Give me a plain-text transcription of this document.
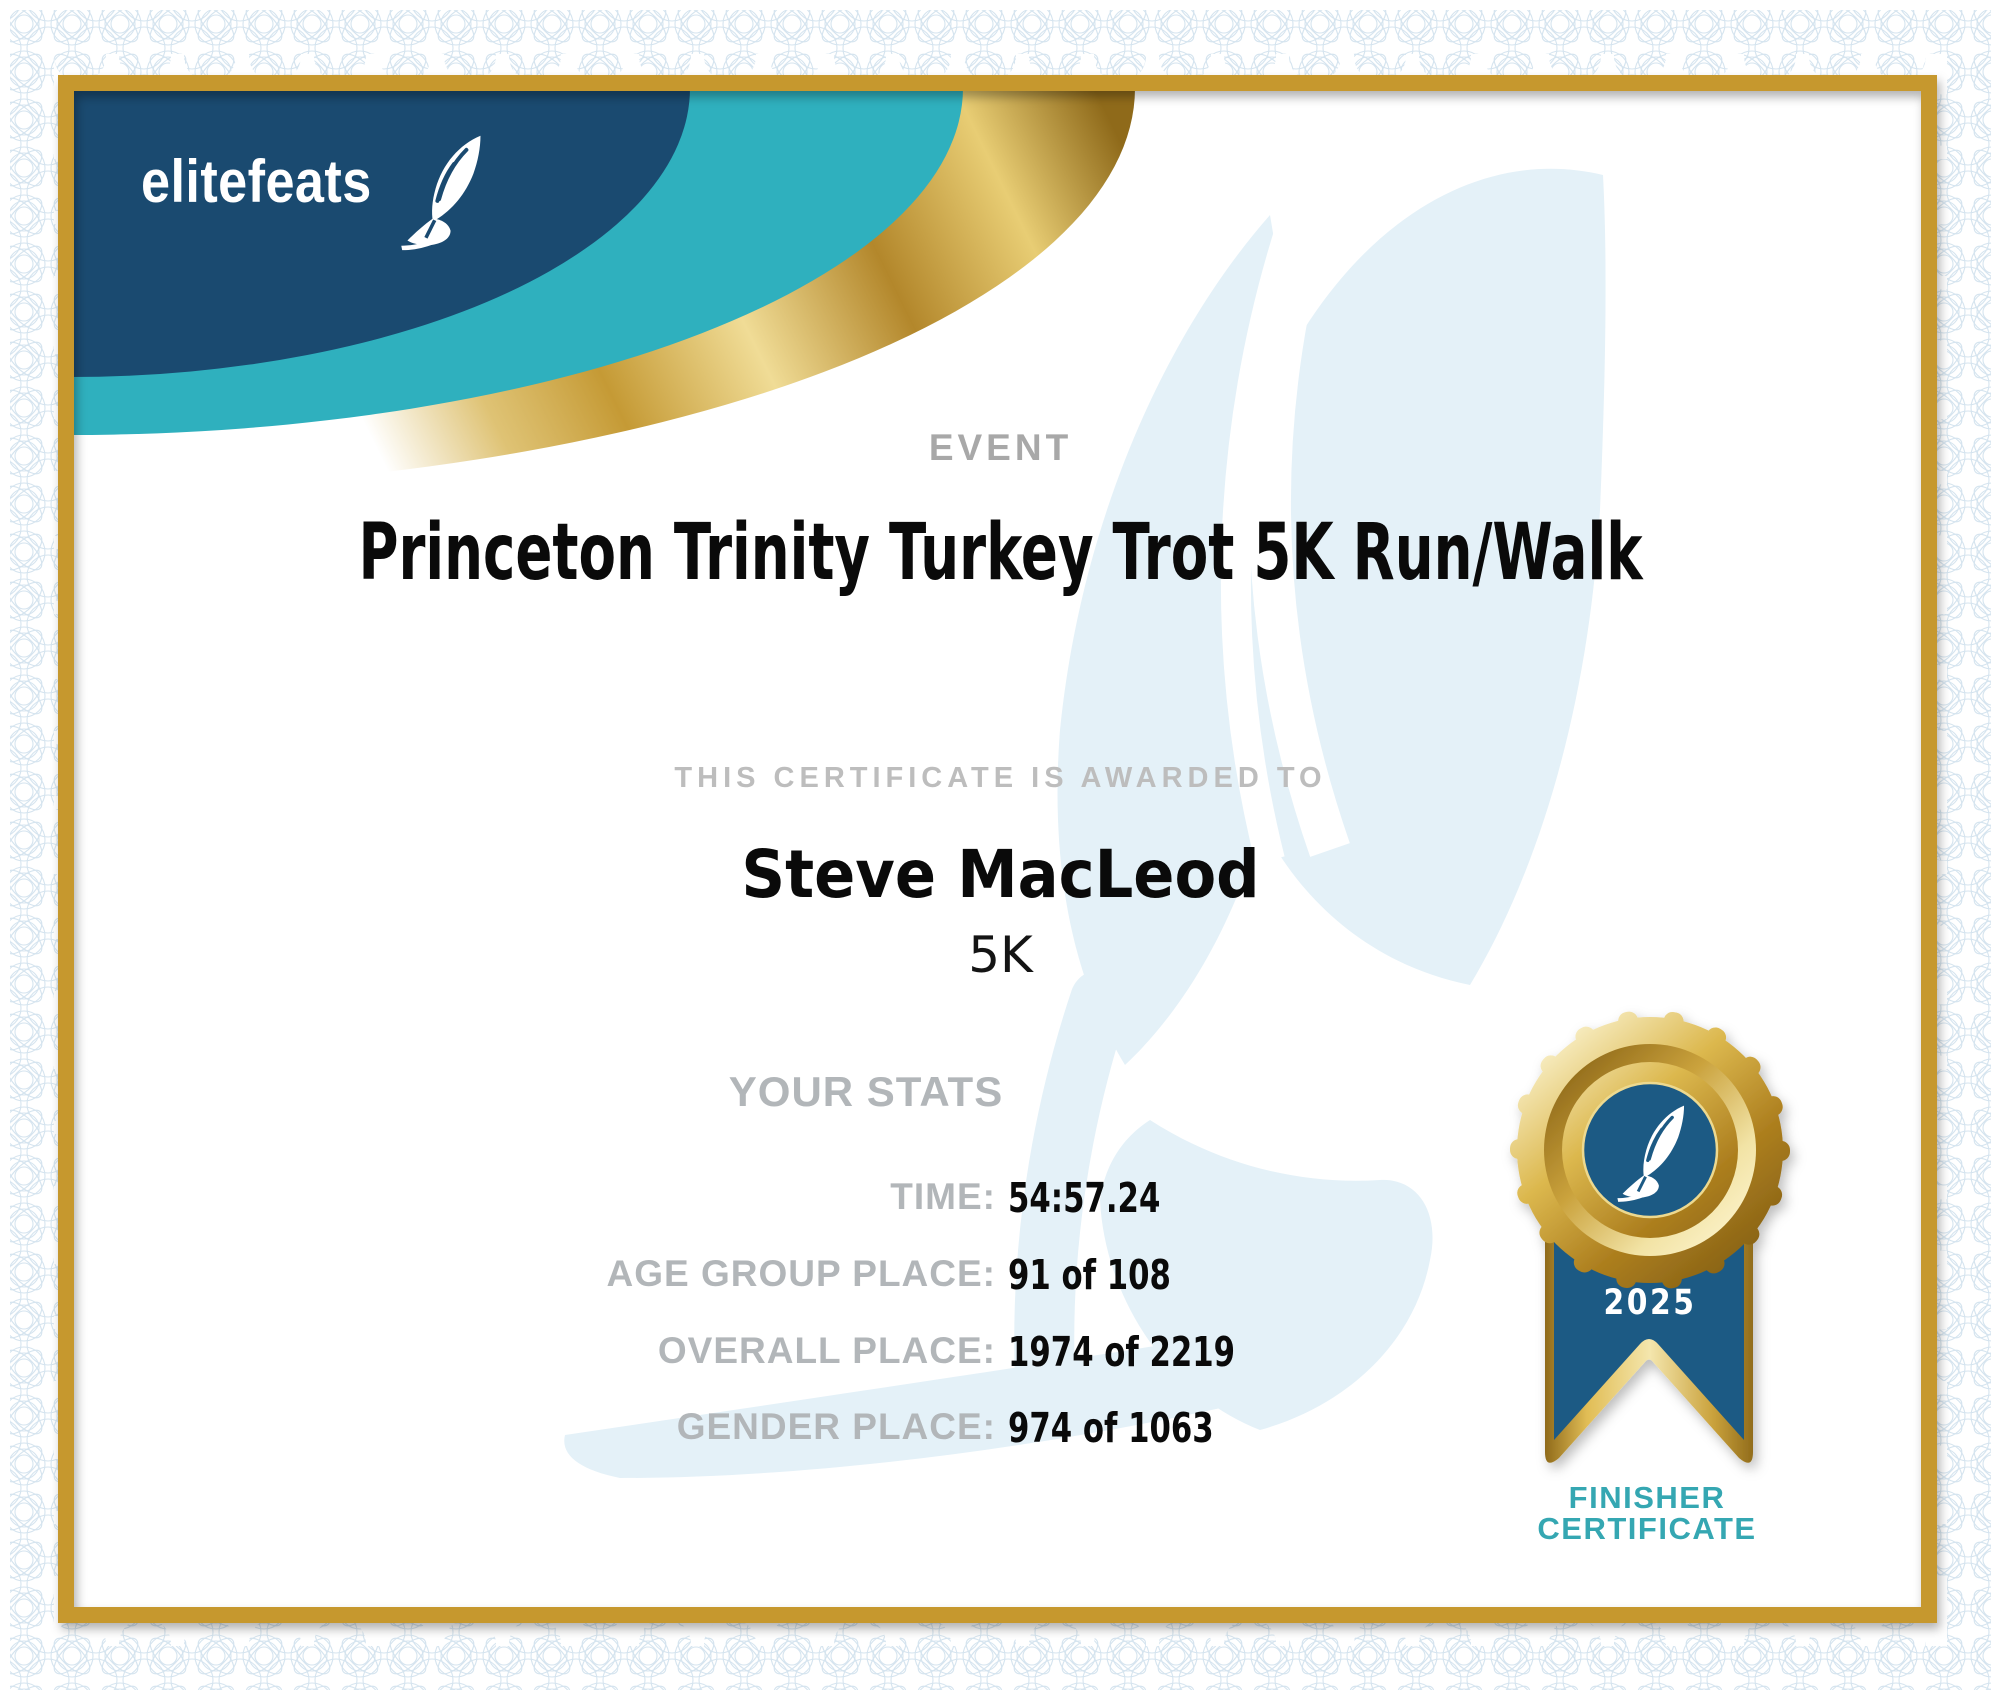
elitefeats
EVENT
Princeton Trinity Turkey Trot 5K Run/Walk
THIS CERTIFICATE IS AWARDED TO
Steve MacLeod
5K
YOUR STATS
TIME: 54:57.24
AGE GROUP PLACE: 91 of 108
OVERALL PLACE: 1974 of 2219
GENDER PLACE: 974 of 1063
2025
FINISHER
CERTIFICATE
